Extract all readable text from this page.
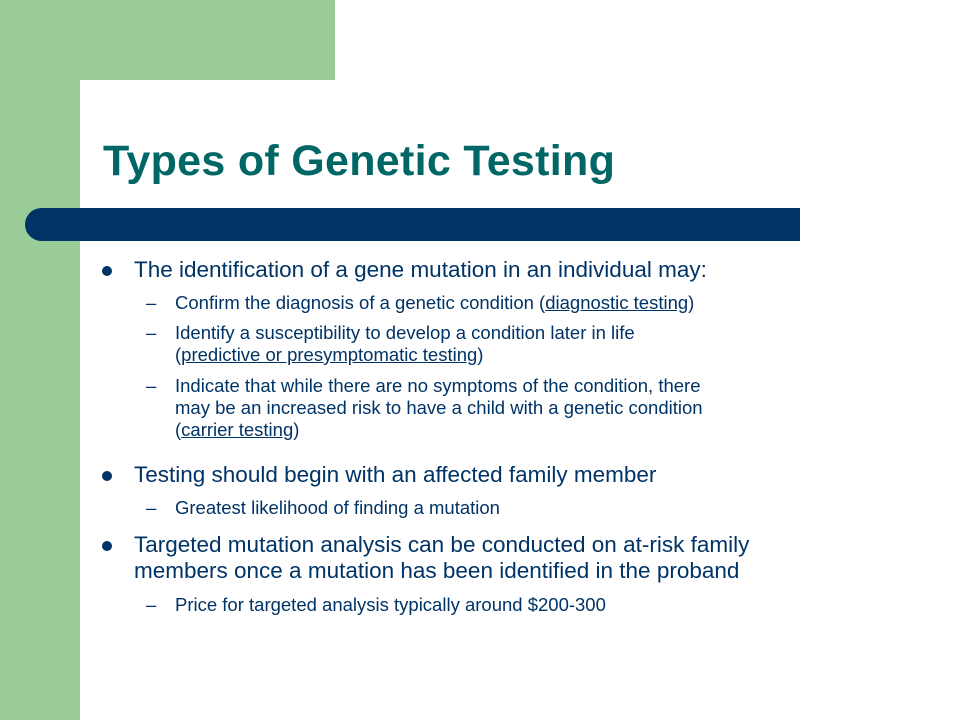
Types of Genetic Testing

The identification of a gene mutation in an individual may:

– Confirm the diagnosis of a genetic condition (diagnostic testing)

– Identify a susceptibility to develop a condition later in life
(predictive or presymptomatic testing)

– Indicate that while there are no symptoms of the condition, there
may be an increased risk to have a child with a genetic condition
(carrier testing)

Testing should begin with an affected family member

– Greatest likelihood of finding a mutation

Targeted mutation analysis can be conducted on at-risk family
members once a mutation has been identified in the proband

– Price for targeted analysis typically around $200-300
